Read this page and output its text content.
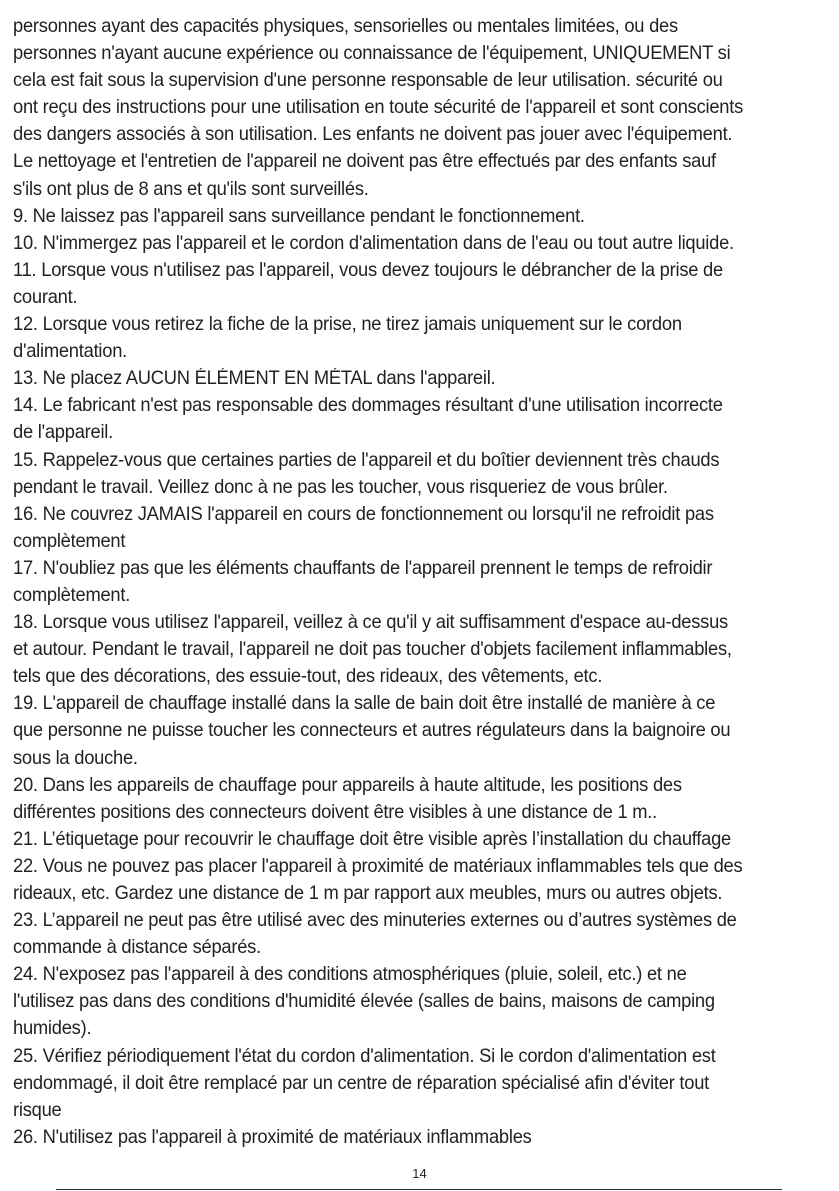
personnes ayant des capacités physiques, sensorielles ou mentales limitées, ou des
personnes n'ayant aucune expérience ou connaissance de l'équipement, UNIQUEMENT si
cela est fait sous la supervision d'une personne responsable de leur utilisation. sécurité ou
ont reçu des instructions pour une utilisation en toute sécurité de l'appareil et sont conscients
des dangers associés à son utilisation. Les enfants ne doivent pas jouer avec l'équipement.
Le nettoyage et l'entretien de l'appareil ne doivent pas être effectués par des enfants sauf
s'ils ont plus de 8 ans et qu'ils sont surveillés.
9. Ne laissez pas l'appareil sans surveillance pendant le fonctionnement.
10. N'immergez pas l'appareil et le cordon d'alimentation dans de l'eau ou tout autre liquide.
11. Lorsque vous n'utilisez pas l'appareil, vous devez toujours le débrancher de la prise de
courant.
12. Lorsque vous retirez la fiche de la prise, ne tirez jamais uniquement sur le cordon
d'alimentation.
13. Ne placez AUCUN ÉLÉMENT EN MÉTAL dans l'appareil.
14. Le fabricant n'est pas responsable des dommages résultant d'une utilisation incorrecte
de l'appareil.
15. Rappelez-vous que certaines parties de l'appareil et du boîtier deviennent très chauds
pendant le travail. Veillez donc à ne pas les toucher, vous risqueriez de vous brûler.
16. Ne couvrez JAMAIS l'appareil en cours de fonctionnement ou lorsqu'il ne refroidit pas
complètement
17. N'oubliez pas que les éléments chauffants de l'appareil prennent le temps de refroidir
complètement.
18. Lorsque vous utilisez l'appareil, veillez à ce qu'il y ait suffisamment d'espace au-dessus
et autour. Pendant le travail, l'appareil ne doit pas toucher d'objets facilement inflammables,
tels que des décorations, des essuie-tout, des rideaux, des vêtements, etc.
19. L'appareil de chauffage installé dans la salle de bain doit être installé de manière à ce
que personne ne puisse toucher les connecteurs et autres régulateurs dans la baignoire ou
sous la douche.
20. Dans les appareils de chauffage pour appareils à haute altitude, les positions des
différentes positions des connecteurs doivent être visibles à une distance de 1 m..
21. L’étiquetage pour recouvrir le chauffage doit être visible après l’installation du chauffage
22. Vous ne pouvez pas placer l'appareil à proximité de matériaux inflammables tels que des
rideaux, etc. Gardez une distance de 1 m par rapport aux meubles, murs ou autres objets.
23. L’appareil ne peut pas être utilisé avec des minuteries externes ou d’autres systèmes de
commande à distance séparés.
24. N'exposez pas l'appareil à des conditions atmosphériques (pluie, soleil, etc.) et ne
l'utilisez pas dans des conditions d'humidité élevée (salles de bains, maisons de camping
humides).
25. Vérifiez périodiquement l'état du cordon d'alimentation. Si le cordon d'alimentation est
endommagé, il doit être remplacé par un centre de réparation spécialisé afin d'éviter tout
risque
26. N'utilisez pas l'appareil à proximité de matériaux inflammables
14
